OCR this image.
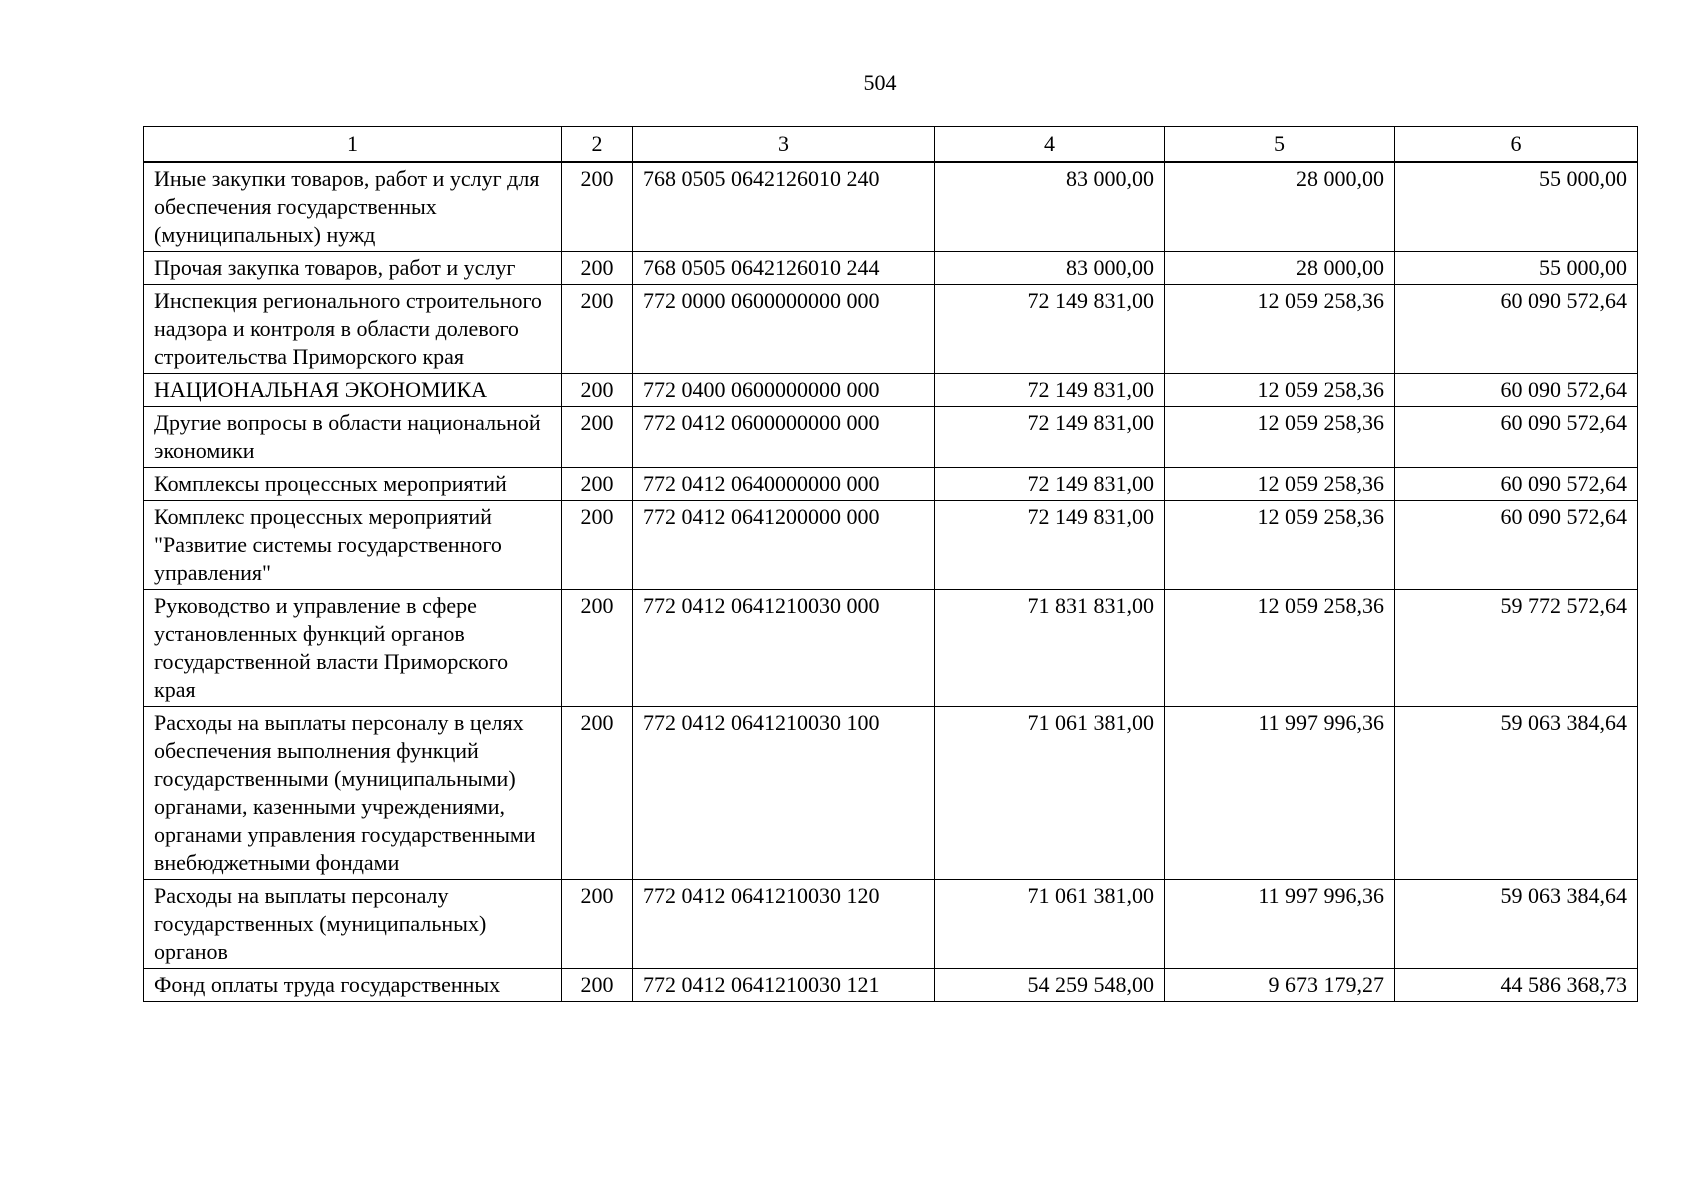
504
1	2	3	4	5	6
Иные закупки товаров, работ и услуг для обеспечения государственных (муниципальных) нужд	200	768 0505 0642126010 240	83 000,00	28 000,00	55 000,00
Прочая закупка товаров, работ и услуг	200	768 0505 0642126010 244	83 000,00	28 000,00	55 000,00
Инспекция регионального строительного надзора и контроля в области долевого строительства Приморского края	200	772 0000 0600000000 000	72 149 831,00	12 059 258,36	60 090 572,64
НАЦИОНАЛЬНАЯ ЭКОНОМИКА	200	772 0400 0600000000 000	72 149 831,00	12 059 258,36	60 090 572,64
Другие вопросы в области национальной экономики	200	772 0412 0600000000 000	72 149 831,00	12 059 258,36	60 090 572,64
Комплексы процессных мероприятий	200	772 0412 0640000000 000	72 149 831,00	12 059 258,36	60 090 572,64
Комплекс процессных мероприятий "Развитие системы государственного управления"	200	772 0412 0641200000 000	72 149 831,00	12 059 258,36	60 090 572,64
Руководство и управление в сфере установленных функций органов государственной власти Приморского края	200	772 0412 0641210030 000	71 831 831,00	12 059 258,36	59 772 572,64
Расходы на выплаты персоналу в целях обеспечения выполнения функций государственными (муниципальными) органами, казенными учреждениями, органами управления государственными внебюджетными фондами	200	772 0412 0641210030 100	71 061 381,00	11 997 996,36	59 063 384,64
Расходы на выплаты персоналу государственных (муниципальных) органов	200	772 0412 0641210030 120	71 061 381,00	11 997 996,36	59 063 384,64
Фонд оплаты труда государственных	200	772 0412 0641210030 121	54 259 548,00	9 673 179,27	44 586 368,73
